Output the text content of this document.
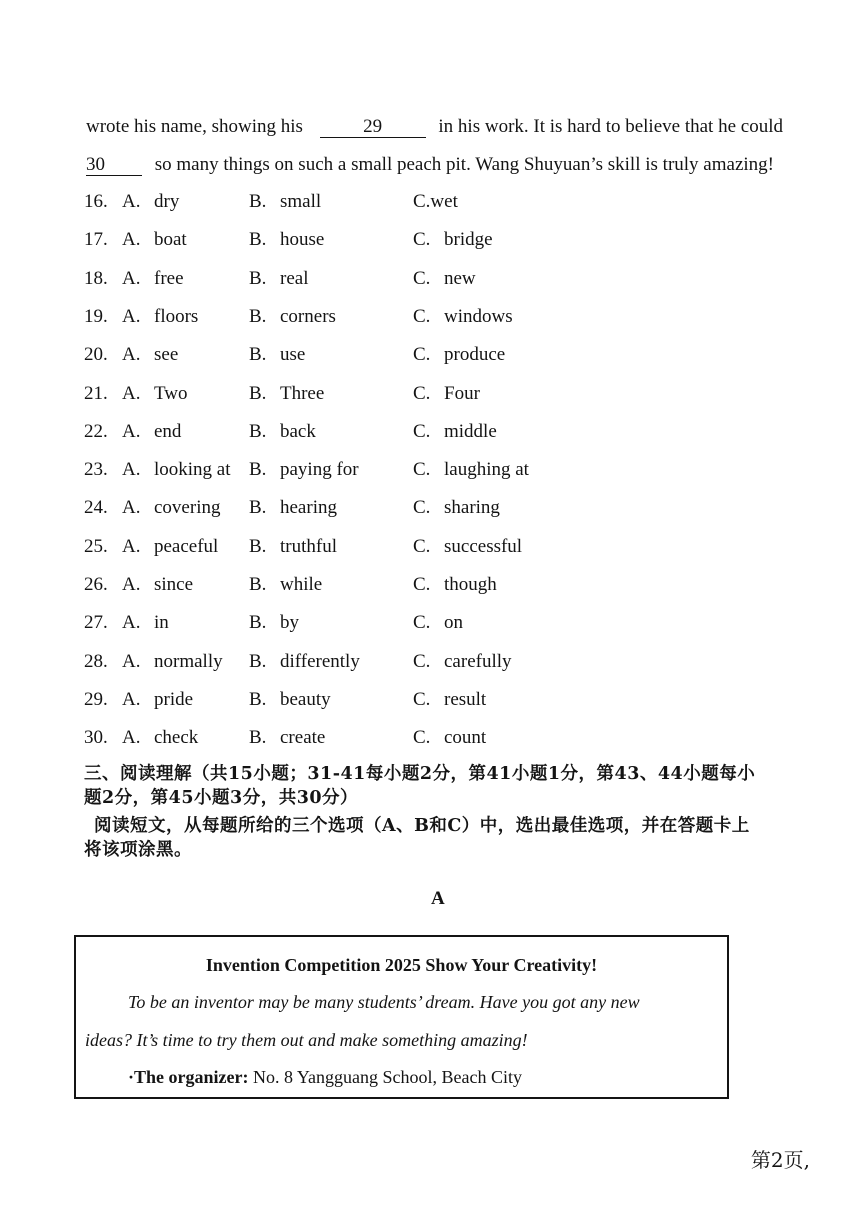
wrote his name, showing his	29	in his work. It is hard to believe that he could
30	so many things on such a small peach pit. Wang Shuyuan’s skill is truly amazing!
16. A. dry	B. small	C.wet
17. A. boat	B. house	C. bridge
18. A. free	B. real	C. new
19. A. floors	B. corners	C. windows
20. A. see	B. use	C. produce
21. A. Two	B. Three	C. Four
22. A. end	B. back	C. middle
23. A. looking at B. paying for	C. laughing at
24. A. covering B. hearing	C. sharing
25. A. peaceful B. truthful	C. successful
26. A. since	B. while	C. though
27. A. in	B. by	C. on
28. A. normally B. differently	C. carefully
29. A. pride	B. beauty	C. result
30. A. check	B. create	C. count
三、阅读理解（共15小题；31-41每小题2分，第41小题1分，第43、44小题每小
题2分，第45小题3分，共30分）
阅读短文，从每题所给的三个选项（A、B和C）中，选出最佳选项，并在答题卡上
将该项涂黑。
A
Invention Competition 2025 Show Your Creativity!
To be an inventor may be many students’ dream. Have you got any new
ideas? It’s time to try them out and make something amazing!
·The organizer: No. 8 Yangguang School, Beach City
第2页,
